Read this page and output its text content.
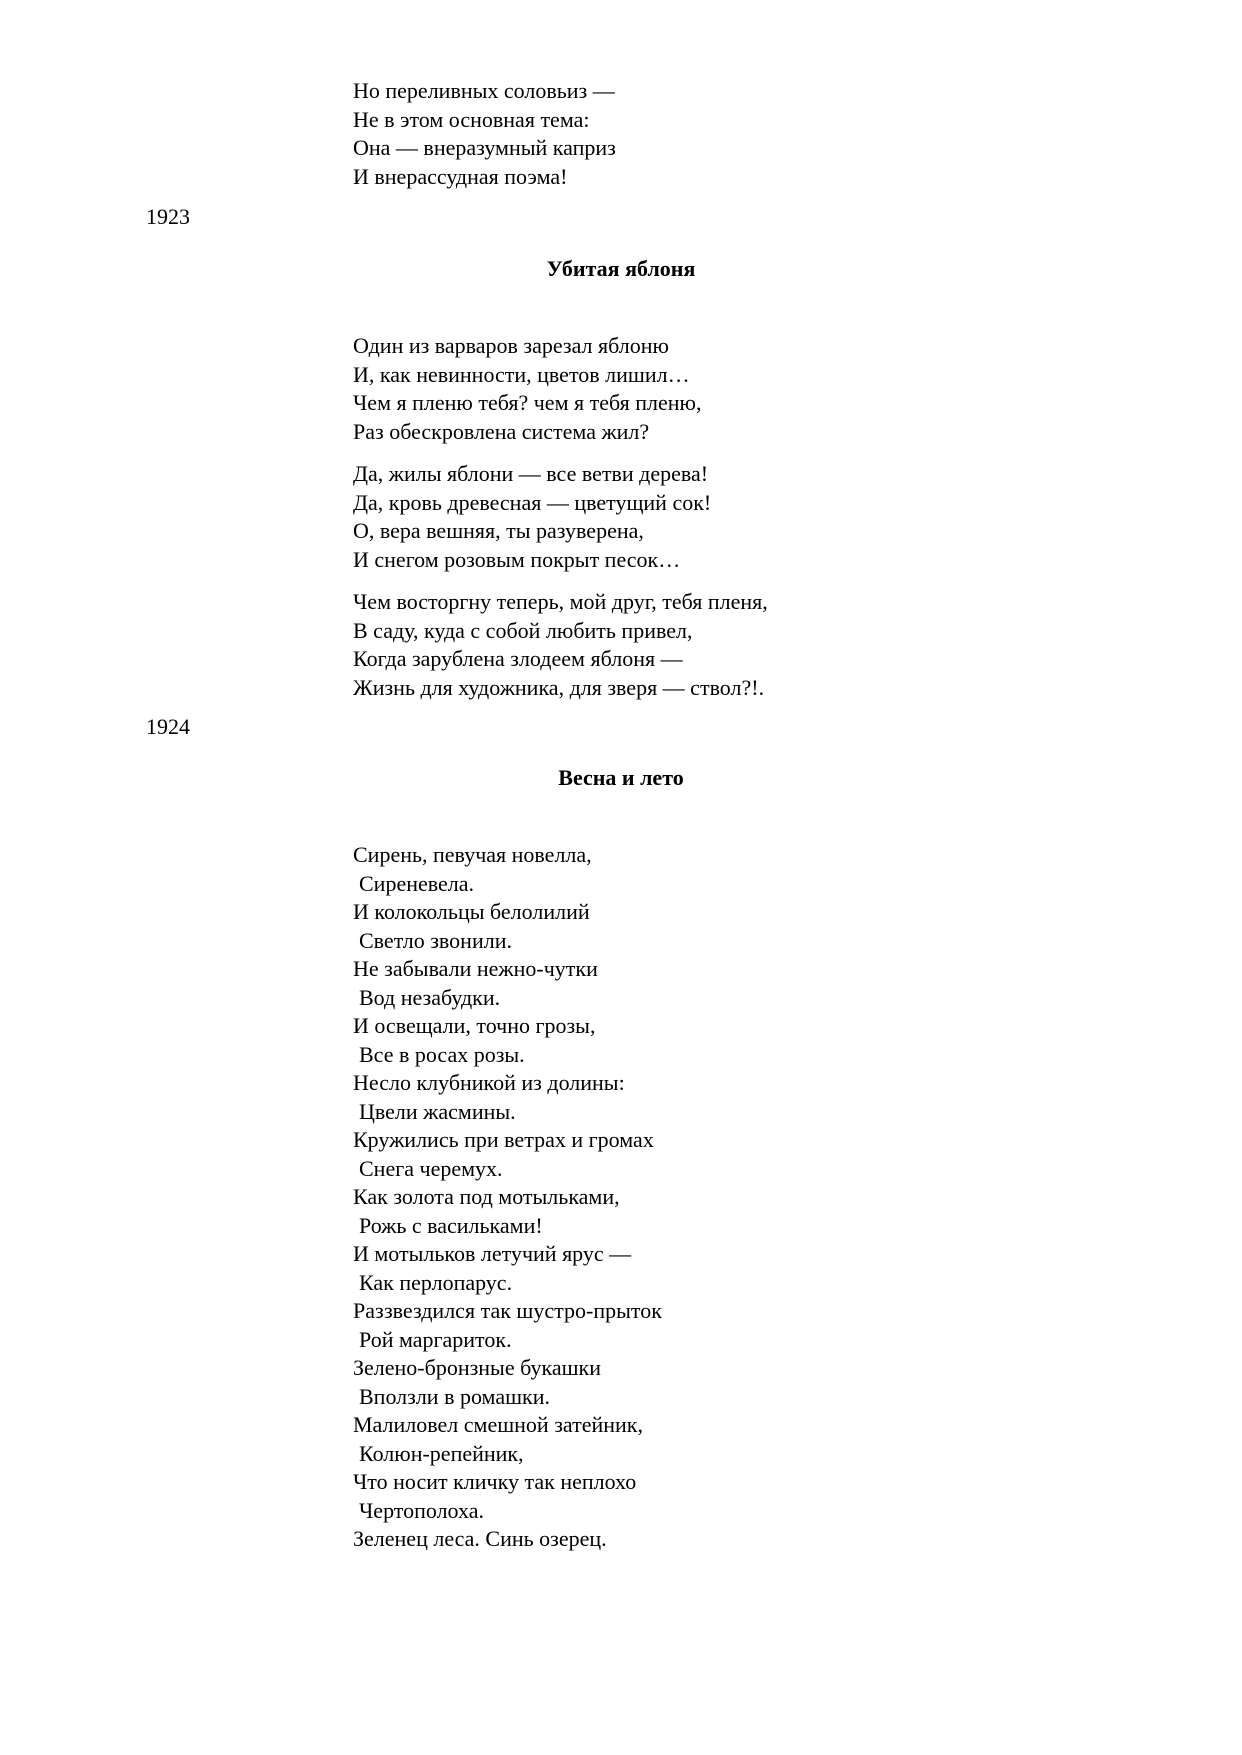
Но переливных соловьиз —
Не в этом основная тема:
Она — внеразумный каприз
И внерассудная поэма!
1923
Убитая яблоня
Один из варваров зарезал яблоню
И, как невинности, цветов лишил…
Чем я пленю тебя? чем я тебя пленю,
Раз обескровлена система жил?
Да, жилы яблони — все ветви дерева!
Да, кровь древесная — цветущий сок!
О, вера вешняя, ты разуверена,
И снегом розовым покрыт песок…
Чем восторгну теперь, мой друг, тебя пленя,
В саду, куда с собой любить привел,
Когда зарублена злодеем яблоня —
Жизнь для художника, для зверя — ствол?!.
1924
Весна и лето
Сирень, певучая новелла,
Сиреневела.
И колокольцы белолилий
Светло звонили.
Не забывали нежно-чутки
Вод незабудки.
И освещали, точно грозы,
Все в росах розы.
Несло клубникой из долины:
Цвели жасмины.
Кружились при ветрах и громах
Снега черемух.
Как золота под мотыльками,
Рожь с васильками!
И мотыльков летучий ярус —
Как перлопарус.
Раззвездился так шустро-прыток
Рой маргариток.
Зелено-бронзные букашки
Вползли в ромашки.
Малиловел смешной затейник,
Колюн-репейник,
Что носит кличку так неплохо
Чертополоха.
Зеленец леса. Синь озерец.
